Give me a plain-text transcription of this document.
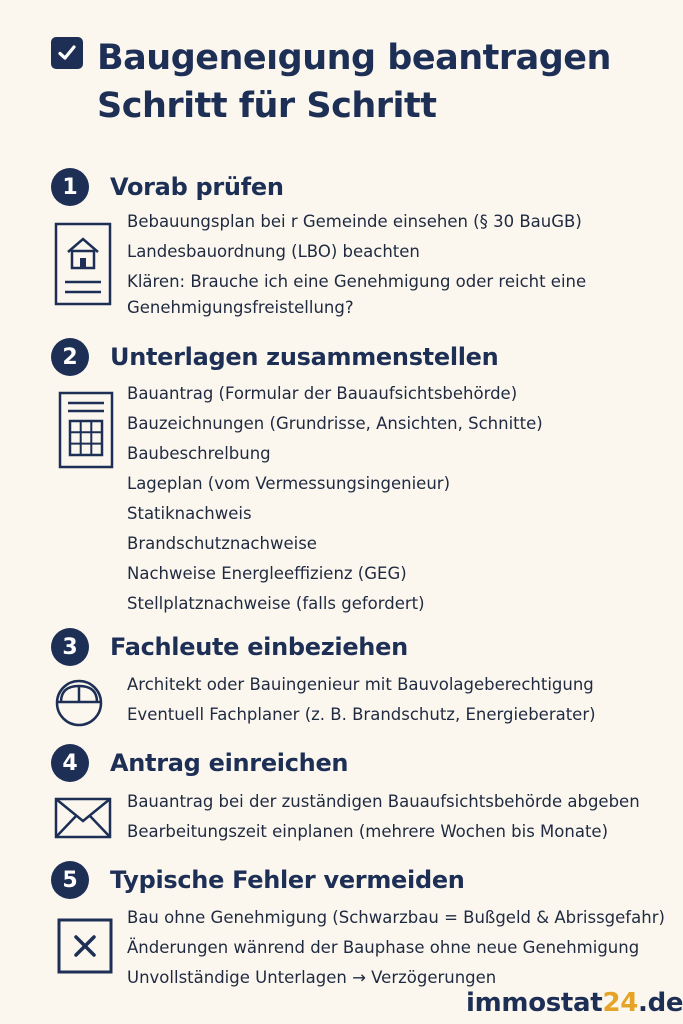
Baugeneıgung beantragen
Schritt für Schritt
1	Vorab prüfen
Bebauungsplan bei r Gemeinde einsehen (§ 30 BauGB)
Landesbauordnung (LBO) beachten
Klären: Brauche ich eine Genehmigung oder reicht eine Genehmigungsfreistellung?
2	Unterlagen zusammenstellen
Bauantrag (Formular der Bauaufsichtsbehörde)
Bauzeichnungen (Grundrisse, Ansichten, Schnitte)
Baubeschrelbung
Lageplan (vom Vermessungsingenieur)
Statiknachweis
Brandschutznachweise
Nachweise Energleeffizienz (GEG)
Stellplatznachweise (falls gefordert)
3	Fachleute einbeziehen
Architekt oder Bauingenieur mit Bauvolageberechtigung
Eventuell Fachplaner (z. B. Brandschutz, Energieberater)
4	Antrag einreichen
Bauantrag bei der zuständigen Bauaufsichtsbehörde abgeben
Bearbeitungszeit einplanen (mehrere Wochen bis Monate)
5	Typische Fehler vermeiden
Bau ohne Genehmigung (Schwarzbau = Bußgeld & Abrissgefahr)
Änderungen wänrend der Bauphase ohne neue Genehmigung
Unvollständige Unterlagen → Verzögerungen
immostat24.de
